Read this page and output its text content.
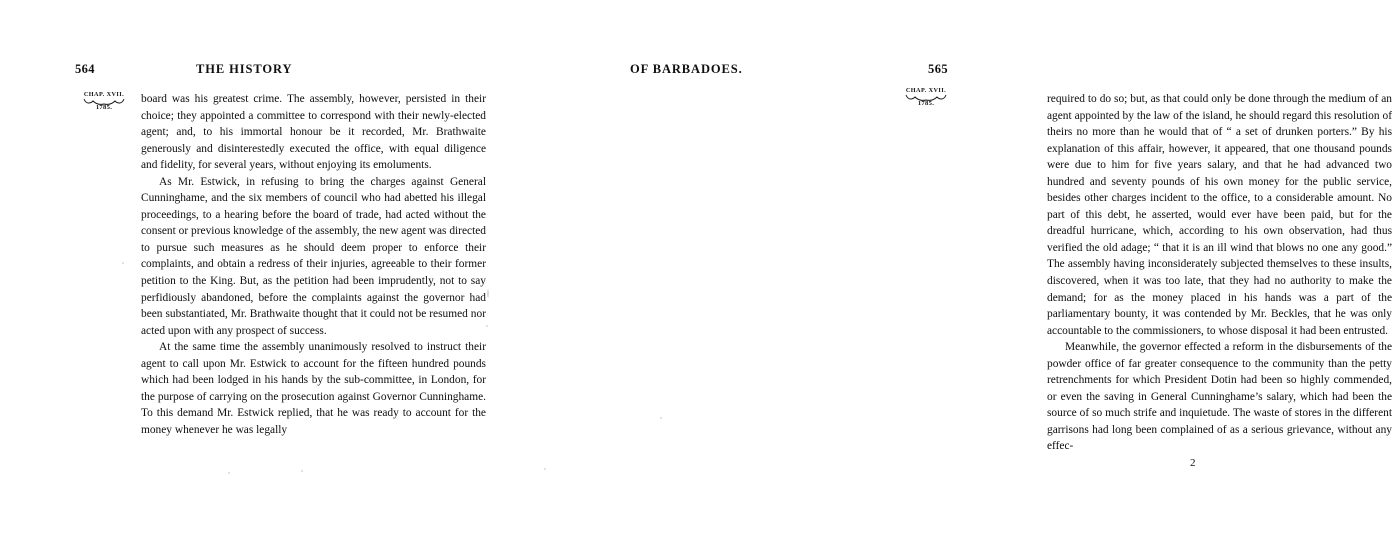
564	THE HISTORY
CHAP. XVII.
1785.

board was his greatest crime. The assembly, however, persisted in their choice; they appointed a committee to correspond with their newly-elected agent; and, to his immortal honour be it recorded, Mr. Brathwaite generously and disinterestedly executed the office, with equal diligence and fidelity, for several years, without enjoying its emoluments.

As Mr. Estwick, in refusing to bring the charges against General Cunninghame, and the six members of council who had abetted his illegal proceedings, to a hearing before the board of trade, had acted without the consent or previous knowledge of the assembly, the new agent was directed to pursue such measures as he should deem proper to enforce their complaints, and obtain a redress of their injuries, agreeable to their former petition to the King. But, as the petition had been imprudently, not to say perfidiously abandoned, before the complaints against the governor had been substantiated, Mr. Brathwaite thought that it could not be resumed nor acted upon with any prospect of success.

At the same time the assembly unanimously resolved to instruct their agent to call upon Mr. Estwick to account for the fifteen hundred pounds which had been lodged in his hands by the sub-committee, in London, for the purpose of carrying on the prosecution against Governor Cunninghame. To this demand Mr. Estwick replied, that he was ready to account for the money whenever he was legally

OF BARBADOES.	565
CHAP. XVII.
1785.	required to do so; but, as that could only be done through the medium of an agent appointed by the law of the island, he should regard this resolution of theirs no more than he would that of “ a set of drunken porters.” By his explanation of this affair, however, it appeared, that one thousand pounds were due to him for five years salary, and that he had advanced two hundred and seventy pounds of his own money for the public service, besides other charges incident to the office, to a considerable amount. No part of this debt, he asserted, would ever have been paid, but for the dreadful hurricane, which, according to his own observation, had thus verified the old adage; “ that it is an ill wind that blows no one any good.” The assembly having inconsiderately subjected themselves to these insults, discovered, when it was too late, that they had no authority to make the demand; for as the money placed in his hands was a part of the parliamentary bounty, it was contended by Mr. Beckles, that he was only accountable to the commissioners, to whose disposal it had been entrusted.

Meanwhile, the governor effected a reform in the disbursements of the powder office of far greater consequence to the community than the petty retrenchments for which President Dotin had been so highly commended, or even the saving in General Cunninghame’s salary, which had been the source of so much strife and inquietude. The waste of stores in the different garrisons had long been complained of as a serious grievance, without any effec-

2
